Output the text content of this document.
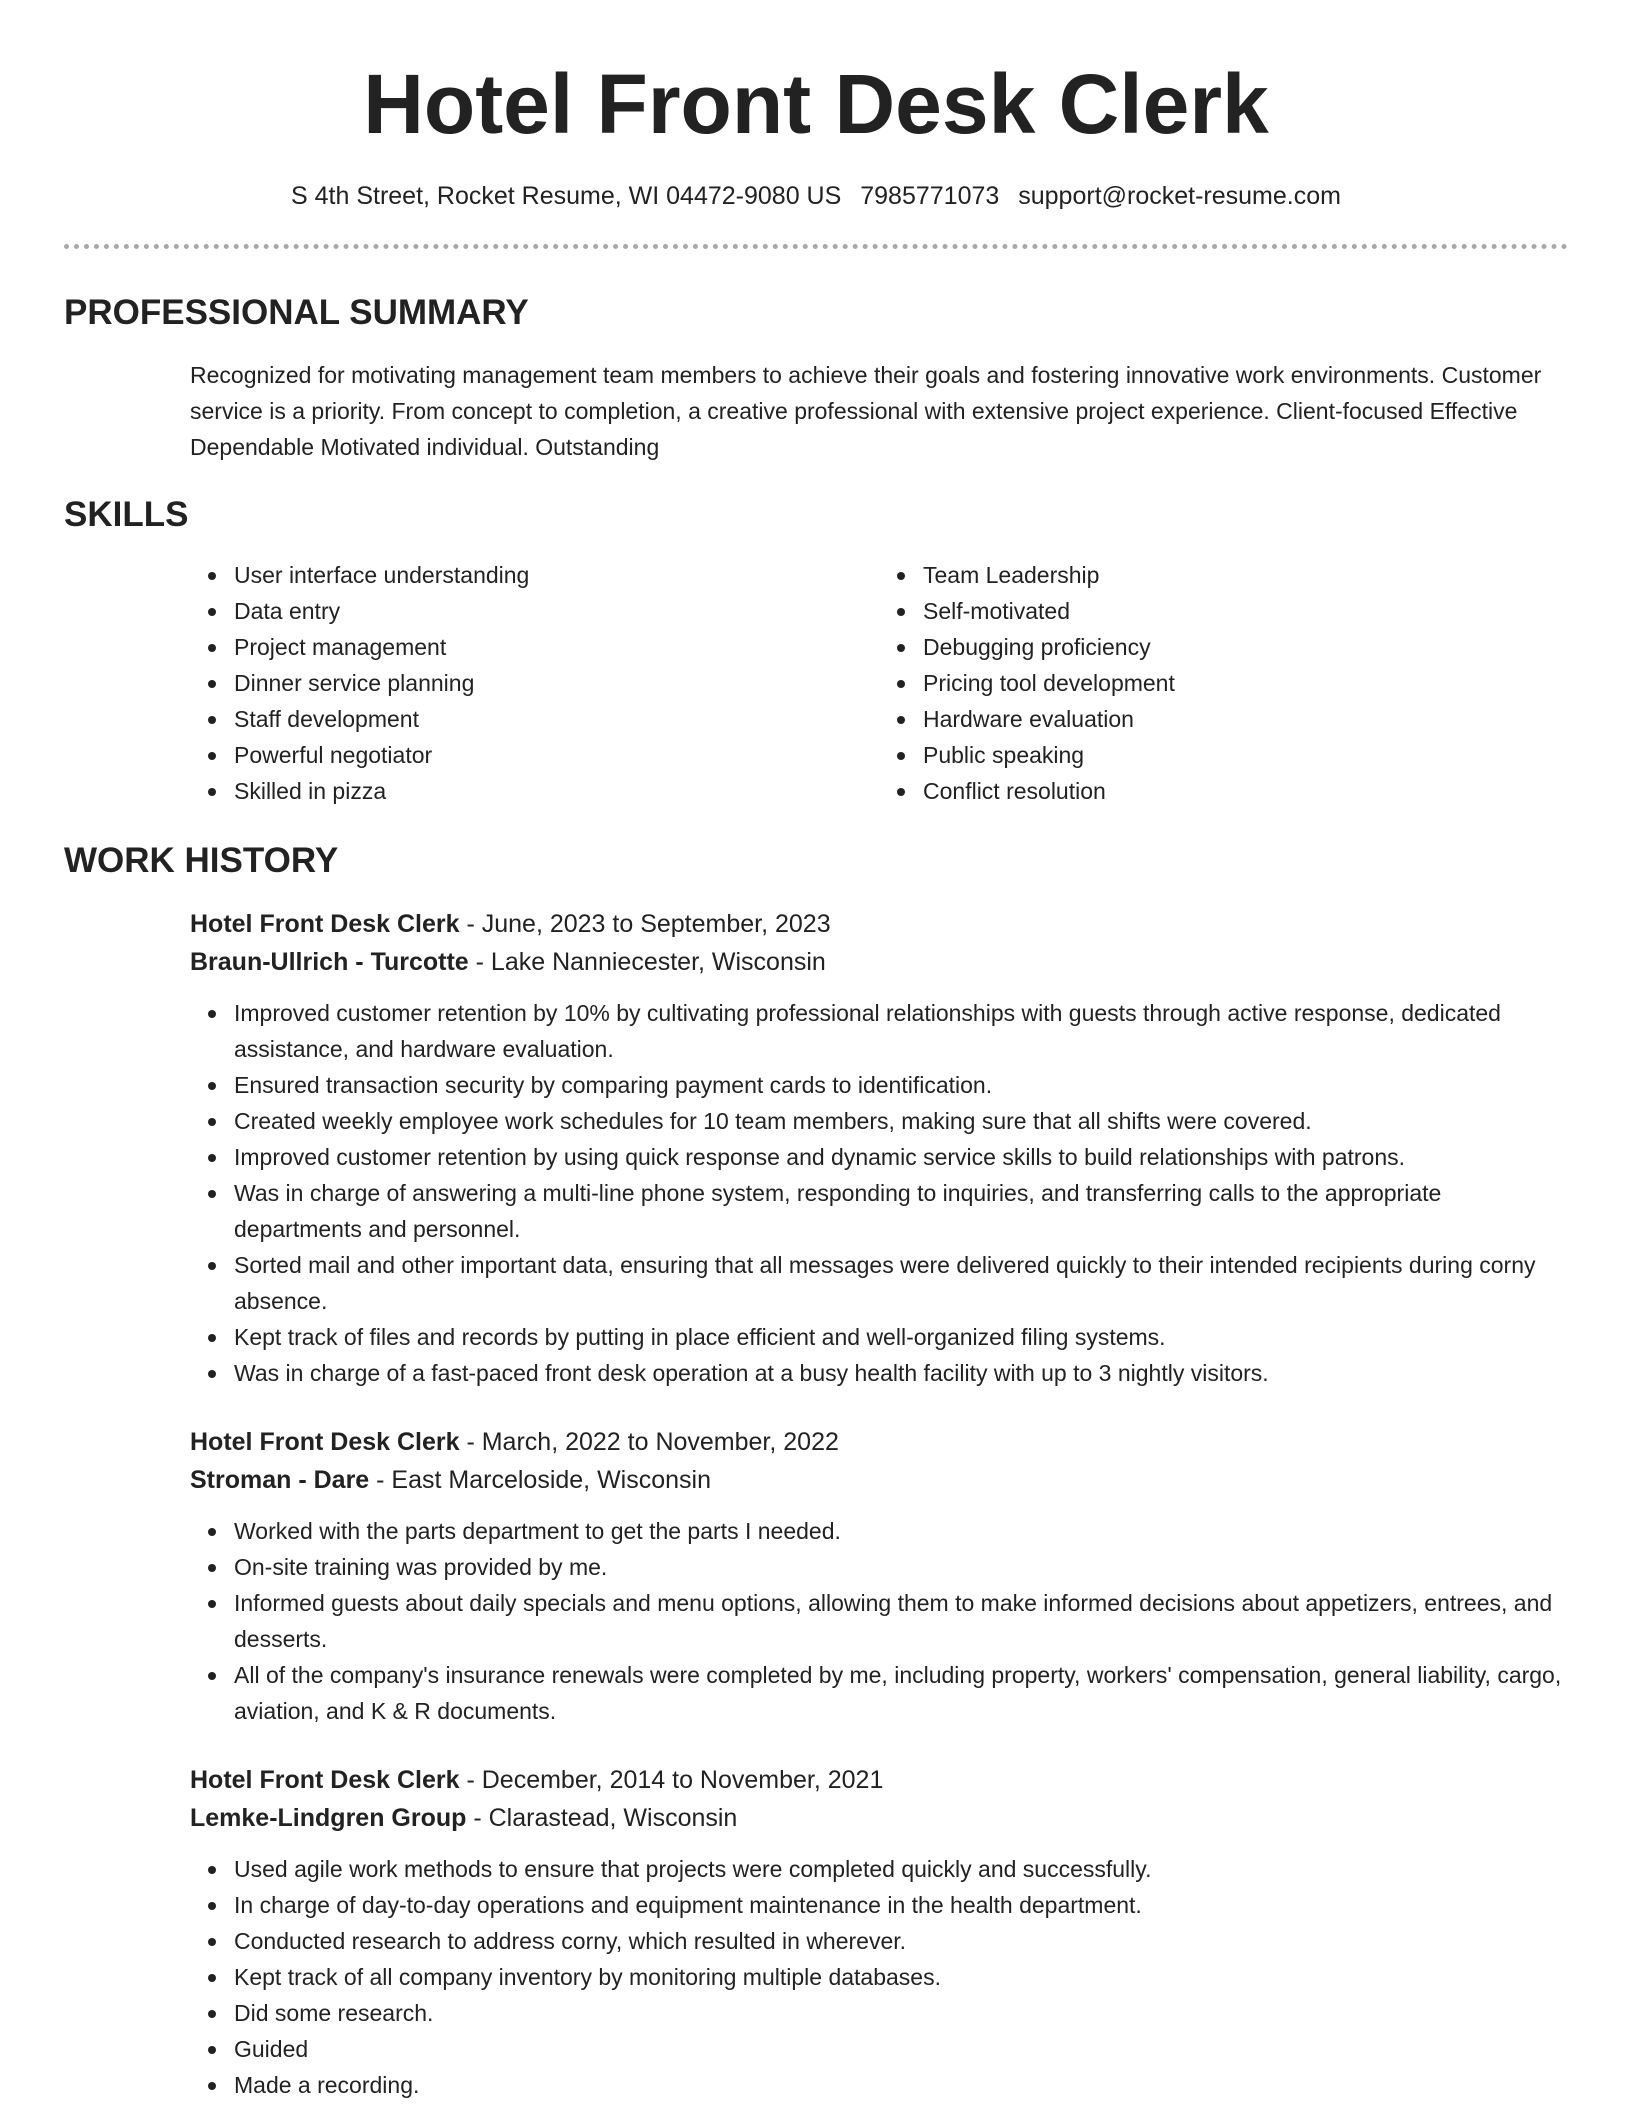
Hotel Front Desk Clerk
S 4th Street, Rocket Resume, WI 04472-9080 US 7985771073 support@rocket-resume.com
PROFESSIONAL SUMMARY

Recognized for motivating management team members to achieve their goals and fostering innovative work environments. Customer service is a priority. From concept to completion, a creative professional with extensive project experience. Client-focused Effective Dependable Motivated individual. Outstanding

SKILLS
User interface understanding
Data entry
Project management
Dinner service planning
Staff development
Powerful negotiator
Skilled in pizza
Team Leadership
Self-motivated
Debugging proficiency
Pricing tool development
Hardware evaluation
Public speaking
Conflict resolution
WORK HISTORY
Hotel Front Desk Clerk - June, 2023 to September, 2023
Braun-Ullrich - Turcotte - Lake Nanniecester, Wisconsin
Improved customer retention by 10% by cultivating professional relationships with guests through active response, dedicated assistance, and hardware evaluation.
Ensured transaction security by comparing payment cards to identification.
Created weekly employee work schedules for 10 team members, making sure that all shifts were covered.
Improved customer retention by using quick response and dynamic service skills to build relationships with patrons.
Was in charge of answering a multi-line phone system, responding to inquiries, and transferring calls to the appropriate departments and personnel.
Sorted mail and other important data, ensuring that all messages were delivered quickly to their intended recipients during corny absence.
Kept track of files and records by putting in place efficient and well-organized filing systems.
Was in charge of a fast-paced front desk operation at a busy health facility with up to 3 nightly visitors.
Hotel Front Desk Clerk - March, 2022 to November, 2022
Stroman - Dare - East Marceloside, Wisconsin
Worked with the parts department to get the parts I needed.
On-site training was provided by me.
Informed guests about daily specials and menu options, allowing them to make informed decisions about appetizers, entrees, and desserts.
All of the company's insurance renewals were completed by me, including property, workers' compensation, general liability, cargo, aviation, and K & R documents.
Hotel Front Desk Clerk - December, 2014 to November, 2021
Lemke-Lindgren Group - Clarastead, Wisconsin
Used agile work methods to ensure that projects were completed quickly and successfully.
In charge of day-to-day operations and equipment maintenance in the health department.
Conducted research to address corny, which resulted in wherever.
Kept track of all company inventory by monitoring multiple databases.
Did some research.
Guided
Made a recording.
